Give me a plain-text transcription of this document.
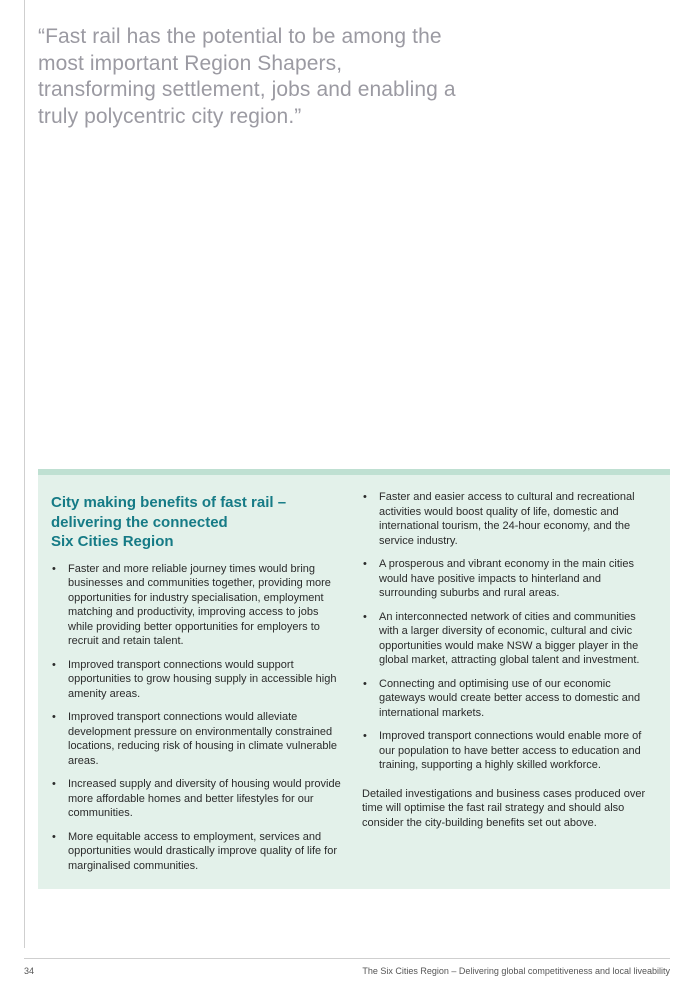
“Fast rail has the potential to be among the most important Region Shapers, transforming settlement, jobs and enabling a truly polycentric city region.”
City making benefits of fast rail –
delivering the connected
Six Cities Region
• Faster and more reliable journey times would bring businesses and communities together, providing more opportunities for industry specialisation, employment matching and productivity, improving access to jobs while providing better opportunities for employers to recruit and retain talent.
• Improved transport connections would support opportunities to grow housing supply in accessible high amenity areas.
• Improved transport connections would alleviate development pressure on environmentally constrained locations, reducing risk of housing in climate vulnerable areas.
• Increased supply and diversity of housing would provide more affordable homes and better lifestyles for our communities.
• More equitable access to employment, services and opportunities would drastically improve quality of life for marginalised communities.
• Faster and easier access to cultural and recreational activities would boost quality of life, domestic and international tourism, the 24-hour economy, and the service industry.
• A prosperous and vibrant economy in the main cities would have positive impacts to hinterland and surrounding suburbs and rural areas.
• An interconnected network of cities and communities with a larger diversity of economic, cultural and civic opportunities would make NSW a bigger player in the global market, attracting global talent and investment.
• Connecting and optimising use of our economic gateways would create better access to domestic and international markets.
• Improved transport connections would enable more of our population to have better access to education and training, supporting a highly skilled workforce.
Detailed investigations and business cases produced over time will optimise the fast rail strategy and should also consider the city-building benefits set out above.
34	The Six Cities Region – Delivering global competitiveness and local liveability
